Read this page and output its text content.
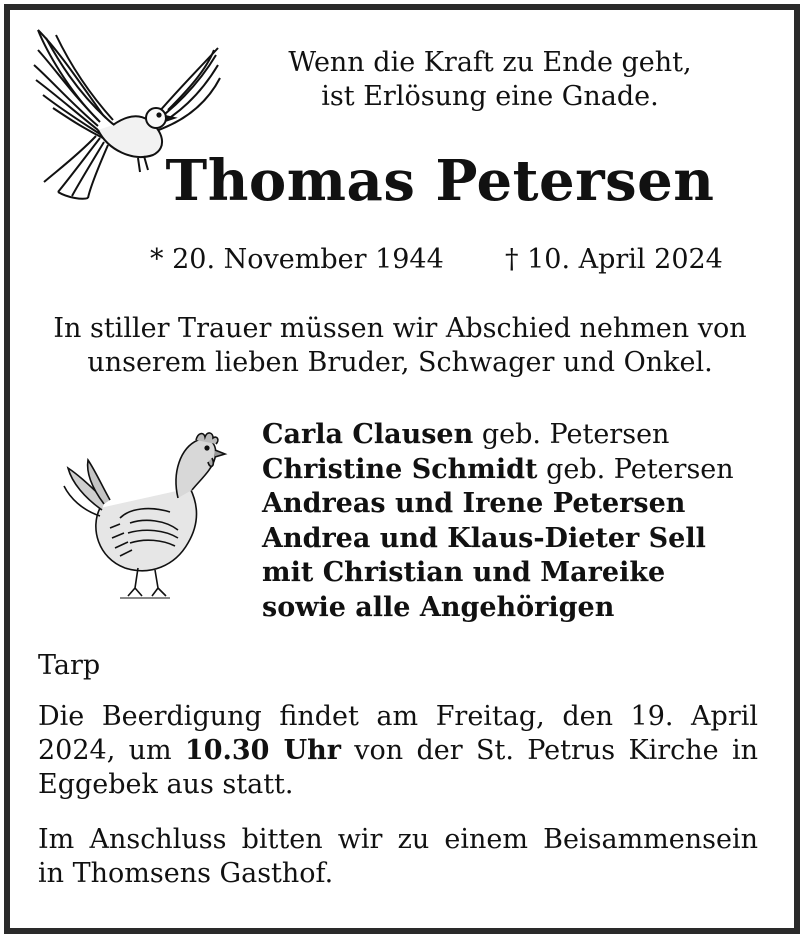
Wenn die Kraft zu Ende geht,
ist Erlösung eine Gnade.
Thomas Petersen
* 20. November 1944 † 10. April 2024
In stiller Trauer müssen wir Abschied nehmen von
unserem lieben Bruder, Schwager und Onkel.
Carla Clausen geb. Petersen
Christine Schmidt geb. Petersen
Andreas und Irene Petersen
Andrea und Klaus-Dieter Sell
mit Christian und Mareike
sowie alle Angehörigen
Tarp
Die Beerdigung findet am Freitag, den 19. April
2024, um 10.30 Uhr von der St. Petrus Kirche in
Eggebek aus statt.
Im Anschluss bitten wir zu einem Beisammensein
in Thomsens Gasthof.
